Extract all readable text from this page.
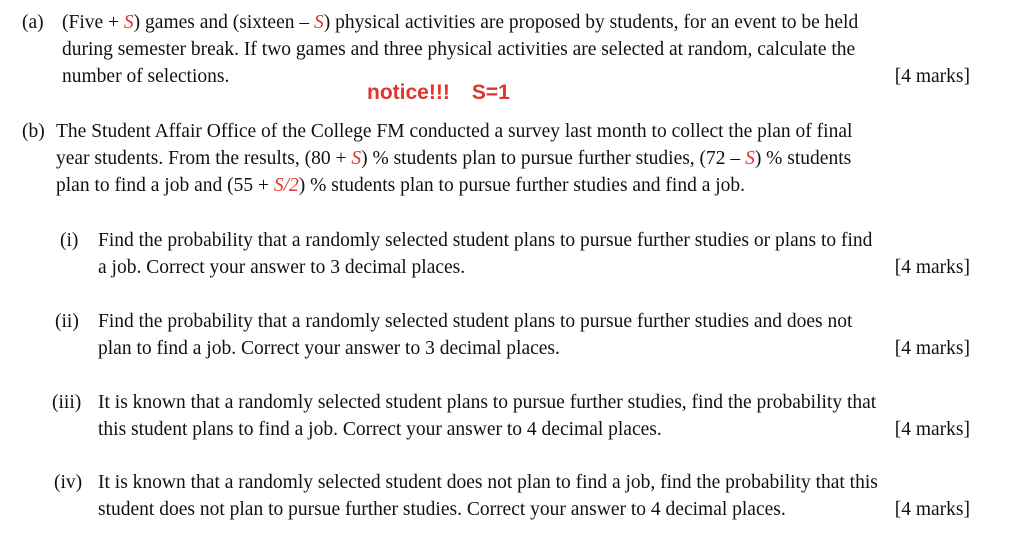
(a) (Five + S) games and (sixteen – S) physical activities are proposed by students, for an event to be held
during semester break. If two games and three physical activities are selected at random, calculate the
number of selections.	[4 marks]
notice!!! S=1
(b) The Student Affair Office of the College FM conducted a survey last month to collect the plan of final
year students. From the results, (80 + S) % students plan to pursue further studies, (72 – S) % students
plan to find a job and (55 + S/2) % students plan to pursue further studies and find a job.
(i) Find the probability that a randomly selected student plans to pursue further studies or plans to find
a job. Correct your answer to 3 decimal places.	[4 marks]
(ii) Find the probability that a randomly selected student plans to pursue further studies and does not
plan to find a job. Correct your answer to 3 decimal places.	[4 marks]
(iii) It is known that a randomly selected student plans to pursue further studies, find the probability that
this student plans to find a job. Correct your answer to 4 decimal places.	[4 marks]
(iv) It is known that a randomly selected student does not plan to find a job, find the probability that this
student does not plan to pursue further studies. Correct your answer to 4 decimal places.	[4 marks]
